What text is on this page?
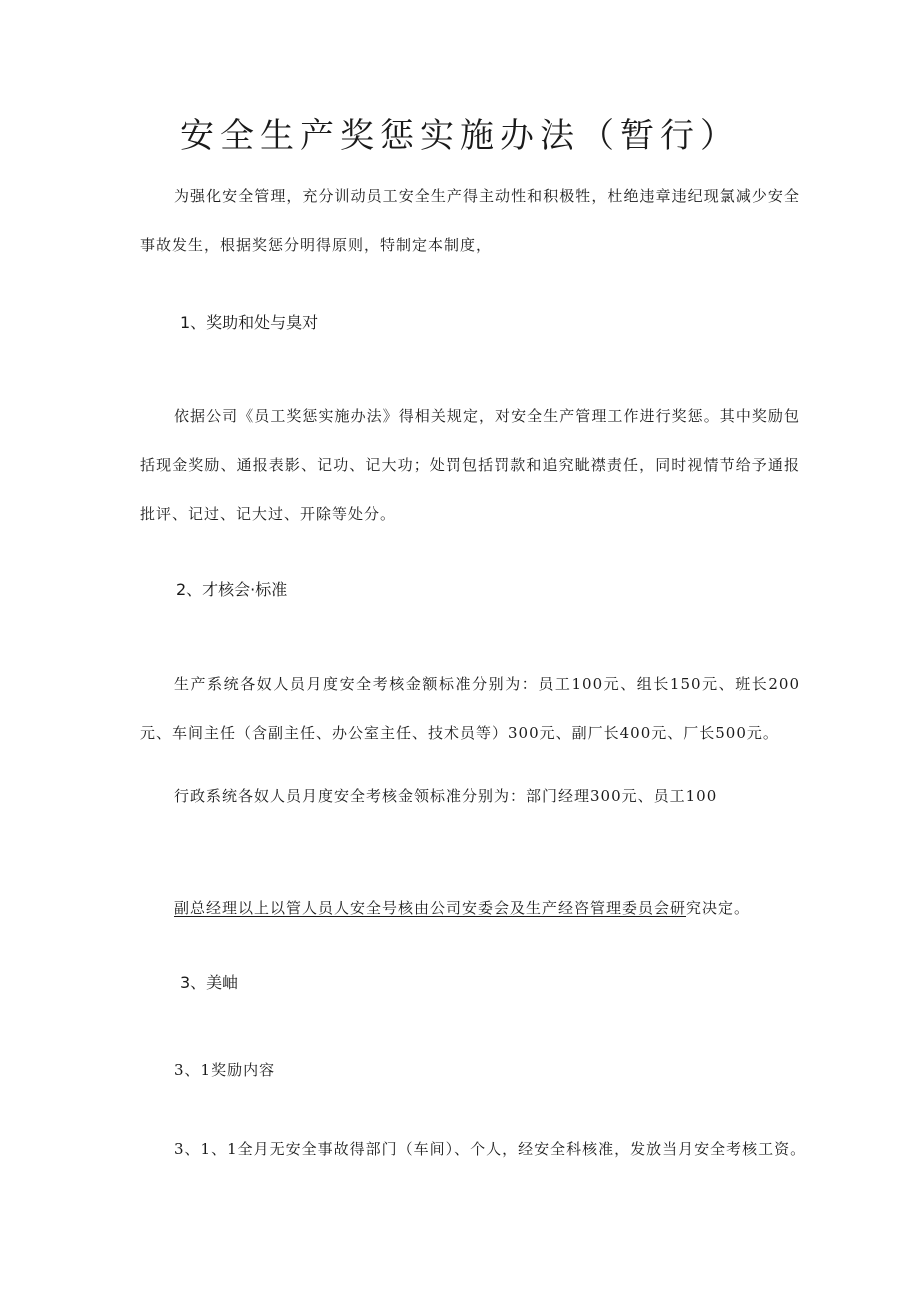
安全生产奖惩实施办法（暂行）

为强化安全管理，充分训动员工安全生产得主动性和积极牲，杜绝违章违纪现氯减少安全事故发生，根据奖惩分明得原则，特制定本制度，

1、奖助和处与臭对

依据公司《员工奖惩实施办法》得相关规定，对安全生产管理工作进行奖惩。其中奖励包括现金奖励、通报表影、记功、记大功；处罚包括罚款和追究眦襟责任，同时视情节给予通报批评、记过、记大过、开除等处分。

2、才核会·标准

生产系统各奴人员月度安全考核金额标准分别为：员工100元、组长150元、班长200元、车间主任（含副主任、办公室主任、技术员等）300元、副厂长400元、厂长500元。

行政系统各奴人员月度安全考核金领标准分别为：部门经理300元、员工100

副总经理以上以管人员人安全号核由公司安委会及生产经咨管理委员会研究决定。

3、美岫

3、1奖励内容

3、1、1全月无安全事故得部门（车间）、个人，经安全科核准，发放当月安全考核工资。
